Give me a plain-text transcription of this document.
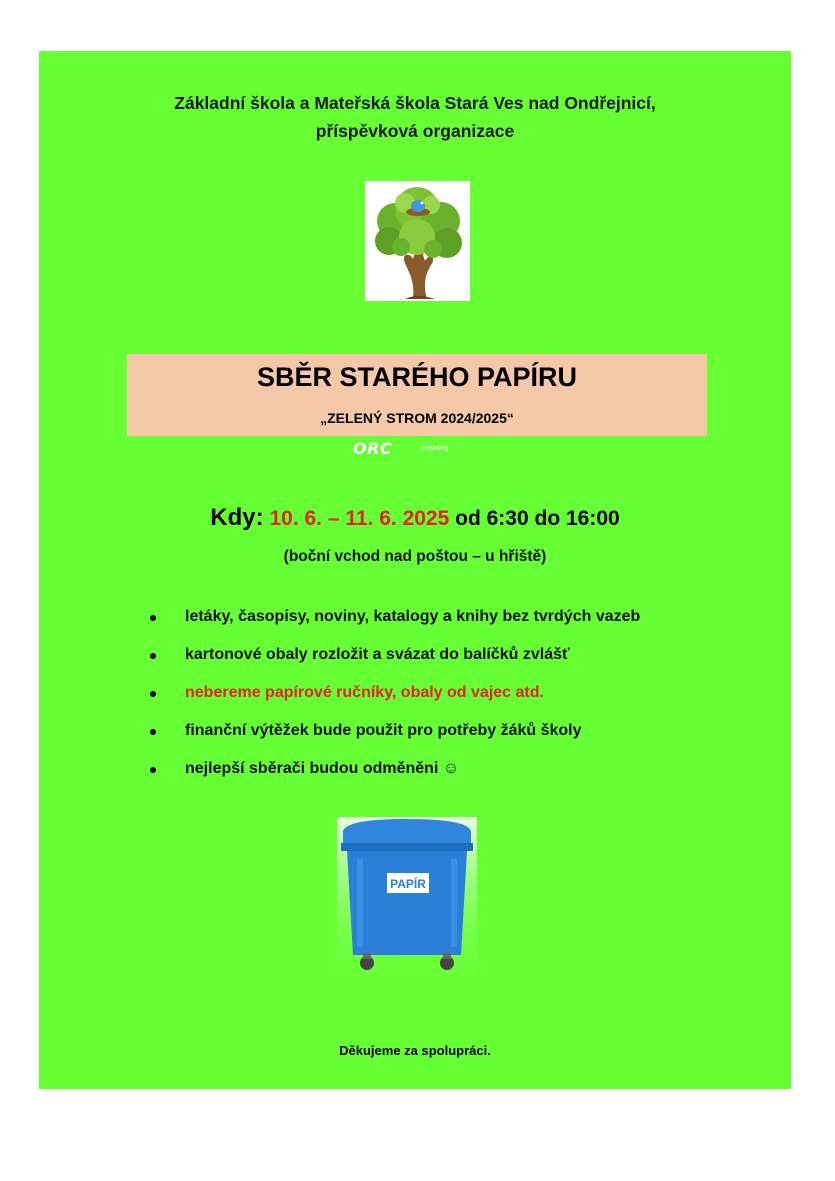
Základní škola a Mateřská škola Stará Ves nad Ondřejnicí,
příspěvková organizace
SBĚR STARÉHO PAPÍRU
„ZELENÝ STROM 2024/2025“
ORC	recycling
Kdy: 10. 6. – 11. 6. 2025 od 6:30 do 16:00
(boční vchod nad poštou – u hřiště)
letáky, časopisy, noviny, katalogy a knihy bez tvrdých vazeb
kartonové obaly rozložit a svázat do balíčků zvlášť
nebereme papírové ručníky, obaly od vajec atd.
finanční výtěžek bude použit pro potřeby žáků školy
nejlepší sběrači budou odměněni ☺
PAPÍR
Děkujeme za spolupráci.
